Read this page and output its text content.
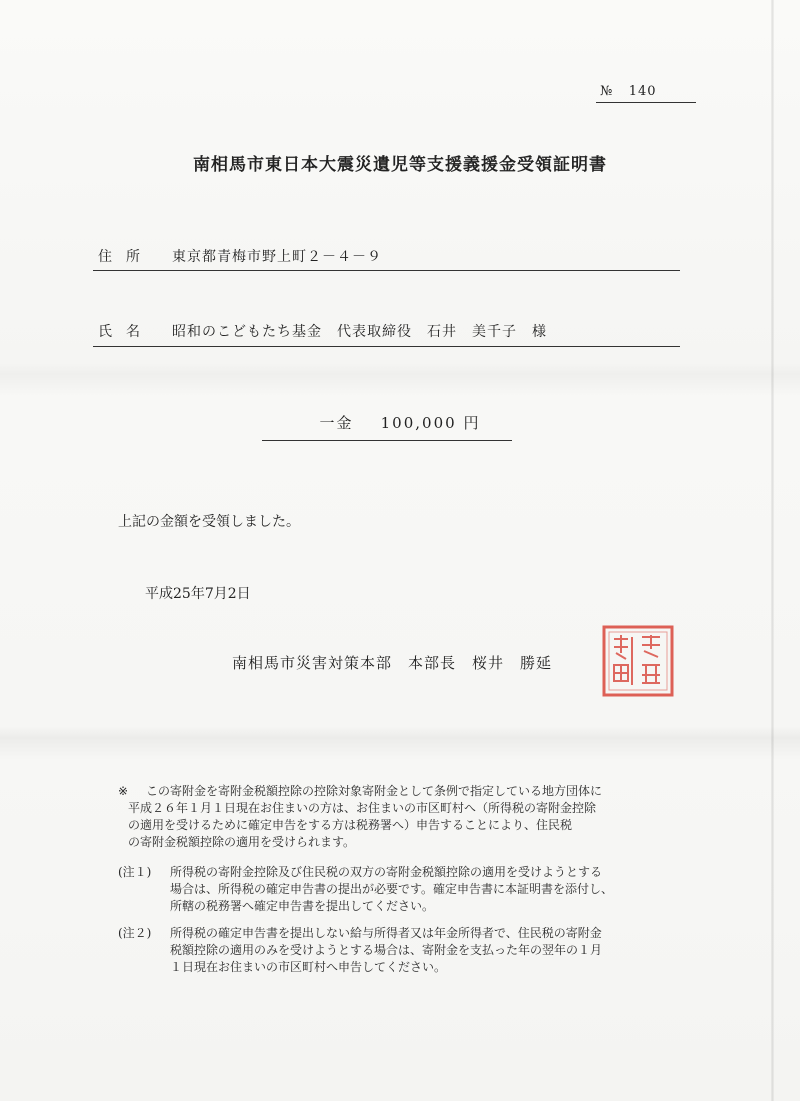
№ 140
南相馬市東日本大震災遺児等支援義援金受領証明書
住所 東京都青梅市野上町２－４－９
氏名 昭和のこどもたち基金　代表取締役　石井　美千子　様
一金 100,000 円
上記の金額を受領しました。
平成25年7月2日
南相馬市災害対策本部　本部長　桜井　勝延
※ この寄附金を寄附金税額控除の控除対象寄附金として条例で指定している地方団体に
平成２６年１月１日現在お住まいの方は、お住まいの市区町村へ（所得税の寄附金控除
の適用を受けるために確定申告をする方は税務署へ）申告することにより、住民税
の寄附金税額控除の適用を受けられます。
(注１) 所得税の寄附金控除及び住民税の双方の寄附金税額控除の適用を受けようとする
場合は、所得税の確定申告書の提出が必要です。確定申告書に本証明書を添付し、
所轄の税務署へ確定申告書を提出してください。
(注２) 所得税の確定申告書を提出しない給与所得者又は年金所得者で、住民税の寄附金
税額控除の適用のみを受けようとする場合は、寄附金を支払った年の翌年の１月
１日現在お住まいの市区町村へ申告してください。
